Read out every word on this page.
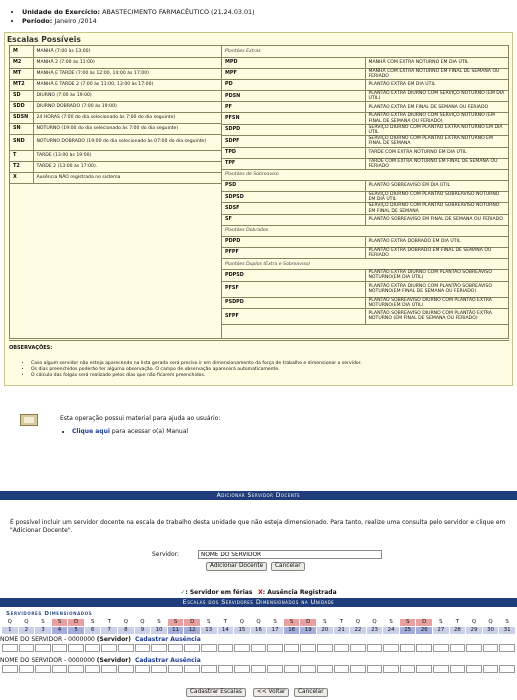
• Unidade do Exercício: ABASTECIMENTO FARMACÊUTICO (21.24.03.01)
• Período: Janeiro /2014
Escalas Possíveis
M	MANHÃ (7:00 às 13:00)
M2	MANHÃ 2 (7:00 às 11:00)
MT	MANHÃ E TARDE (7:00 às 12:00, 14:00 às 17:00)
MT2	MANHÃ E TARDE 2 (7:00 às 11:00, 13:00 às 17:00)
SD	DIURNO (7:00 às 19:00)
SDD	DIURNO DOBRADO (7:00 às 19:00)
SDSN	24 HORAS (7:00 do dia selecionado às 7:00 do dia seguinte)
SN	NOTURNO (19:00 do dia selecionado às 7:00 do dia seguinte)
SND	NOTURNO DOBRADO (19:00 do dia selecionado às 07:00 do dia seguinte)
T	TARDE (13:00 às 19:00)
T2	TARDE 2 (13:00 às 17:00).
X	Ausência NÃO registrada no sistema
Plantões Extras	
MPD	MANHÃ COM EXTRA NOTURNO EM DIA ÚTIL
MPF	MANHÃ COM EXTRA NOTURNO EM FINAL DE SEMANA OU FERIADO
PD	PLANTÃO EXTRA EM DIA ÚTIL
PDSN	PLANTÃO EXTRA DIURNO COM SERVIÇO NOTURNO (EM DIA ÚTIL)
PF	PLANTÃO EXTRA EM FINAL DE SEMANA OU FERIADO
PFSN	PLANTÃO EXTRA DIURNO COM SERVIÇO NOTURNO (EM FINAL DE SEMANA OU FERIADO)
SDPD	SERVIÇO DIURNO COM PLANTÃO EXTRA NOTURNO EM DIA ÚTIL
SDPF	SERVIÇO DIURNO COM PLANTÃO EXTRA NOTURNO EM FINAL DE SEMANA
TPD	TARDE COM EXTRA NOTURNO EM DIA ÚTIL
TPF	TARDE COM EXTRA NOTURNO EM FINAL DE SEMANA OU FERIADO
Plantões de Sobreaviso	
PSD	PLANTÃO SOBREAVISO EM DIA ÚTIL
SDPSD	SERVIÇO DIURNO COM PLANTÃO SOBREAVISO NOTURNO EM DIA ÚTIL
SDSF	SERVIÇO DIURNO COM PLANTÃO SOBREAVISO NOTURNO EM FINAL DE SEMANA
SF	PLANTÃO SOBREAVISO EM FINAL DE SEMANA OU FERIADO
Plantões Dobrados	
PDPD	PLANTÃO EXTRA DOBRADO EM DIA ÚTIL
PFPF	PLANTÃO EXTRA DOBRADO EM FINAL DE SEMANA OU FERIADO
Plantões Duplos (Extra e Sobreaviso)	
PDPSD	PLANTÃO EXTRA DIURNO COM PLANTÃO SOBREAVISO NOTURNO(EM DIA ÚTIL)
PFSF	PLANTÃO EXTRA DIURNO COM PLANTÃO SOBREAVISO NOTURNO(EM FINAL DE SEMANA OU FERIADO)
PSDPD	PLANTÃO SOBREAVISO DIURNO COM PLANTÃO EXTRA NOTURNO(EM DIA ÚTIL)
SFPF	PLANTÃO SOBREAVISO DIURNO COM PLANTÃO EXTRA NOTURNO (EM FINAL DE SEMANA OU FERIADO)
OBSERVAÇÕES:
• Caso algum servidor não esteja aparecendo na lista gerada será preciso ir em dimensionamento da força de trabalho e dimensionar o servidor.
• Os dias preenchidos poderão ter alguma observação. O campo de observação aparecerá automaticamente.
• O cálculo das folgas será realizado pelos dias que não ficarem preenchidos.
Esta operação possui material para ajuda ao usuário:
• Clique aqui para acessar o(a) Manual
Adicionar Servidor Docente
É possível incluir um servidor docente na escala de trabalho desta unidade que não esteja dimensionado. Para tanto, realize uma consulta pelo servidor e clique em "Adicionar Docente".
Servidor:
NOME DO SERVIDOR
Adicionar Docente	Cancelar
✓: Servidor em férias X: Ausência Registrada
Escalas dos Servidores Dimensionados na Unidade
Servidores Dimensionados
Q	Q	S	S	D	S	T	Q	Q	S	S	D	S	T	Q	Q	S	S	D	S	T	Q	Q	S	S	D	S	T	Q	Q	S
1	2	3	4	5	6	7	8	9	10	11	12	13	14	15	16	17	18	19	20	21	22	23	24	25	26	27	28	29	30	31
NOME DO SERVIDOR - 0000000 (Servidor) Cadastrar Ausência
NOME DO SERVIDOR - 0000000 (Servidor) Cadastrar Ausência
Cadastrar Escalas	<< Voltar	Cancelar
